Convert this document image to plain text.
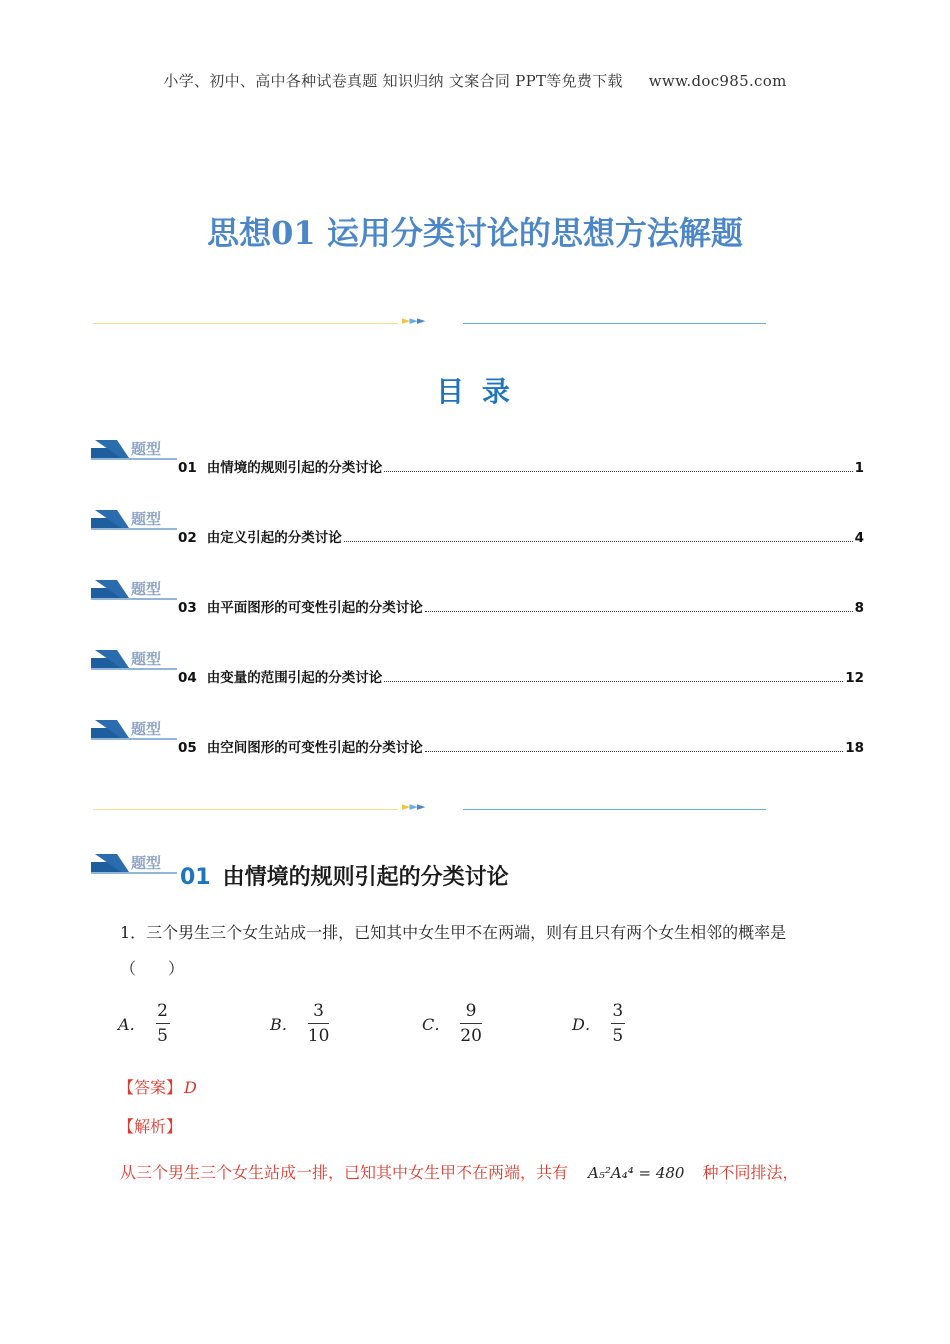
小学、初中、高中各种试卷真题 知识归纳 文案合同 PPT等免费下载 www.doc985.com
思想01 运用分类讨论的思想方法解题
►►►
目 录
题型
01 由情境的规则引起的分类讨论	1
题型
02 由定义引起的分类讨论	4
题型
03 由平面图形的可变性引起的分类讨论	8
题型
04 由变量的范围引起的分类讨论	12
题型
05 由空间图形的可变性引起的分类讨论	18
►►►
题型
01 由情境的规则引起的分类讨论
1．三个男生三个女生站成一排，已知其中女生甲不在两端，则有且只有两个女生相邻的概率是（　　）
A． $\frac{2}{5}$	B． $\frac{3}{10}$	C． $\frac{9}{20}$	D． $\frac{3}{5}$
【答案】 D
【解析】
从三个男生三个女生站成一排，已知其中女生甲不在两端，共有 A₅²A₄⁴ = 480 种不同排法，
